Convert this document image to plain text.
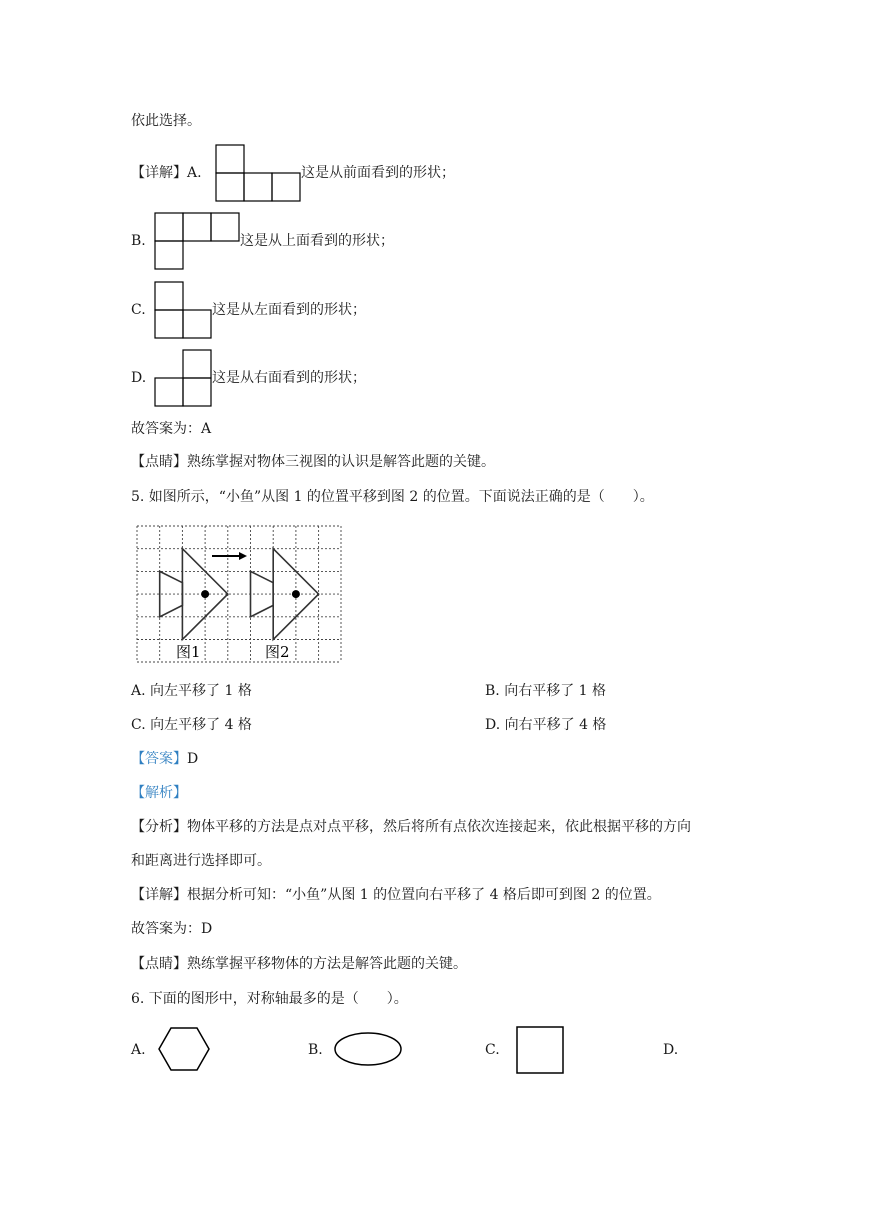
依此选择。
【详解】A.	这是从前面看到的形状；
B.	这是从上面看到的形状；
C.	这是从左面看到的形状；
D.	这是从右面看到的形状；
故答案为：A
【点睛】熟练掌握对物体三视图的认识是解答此题的关键。
5. 如图所示，“小鱼”从图 1 的位置平移到图 2 的位置。下面说法正确的是（　　）。
图1	图2
A. 向左平移了 1 格	B. 向右平移了 1 格
C. 向左平移了 4 格	D. 向右平移了 4 格
【答案】D
【解析】
【分析】物体平移的方法是点对点平移，然后将所有点依次连接起来，依此根据平移的方向
和距离进行选择即可。
【详解】根据分析可知：“小鱼”从图 1 的位置向右平移了 4 格后即可到图 2 的位置。
故答案为：D
【点睛】熟练掌握平移物体的方法是解答此题的关键。
6. 下面的图形中，对称轴最多的是（　　）。
A.	B.	C.	D.
